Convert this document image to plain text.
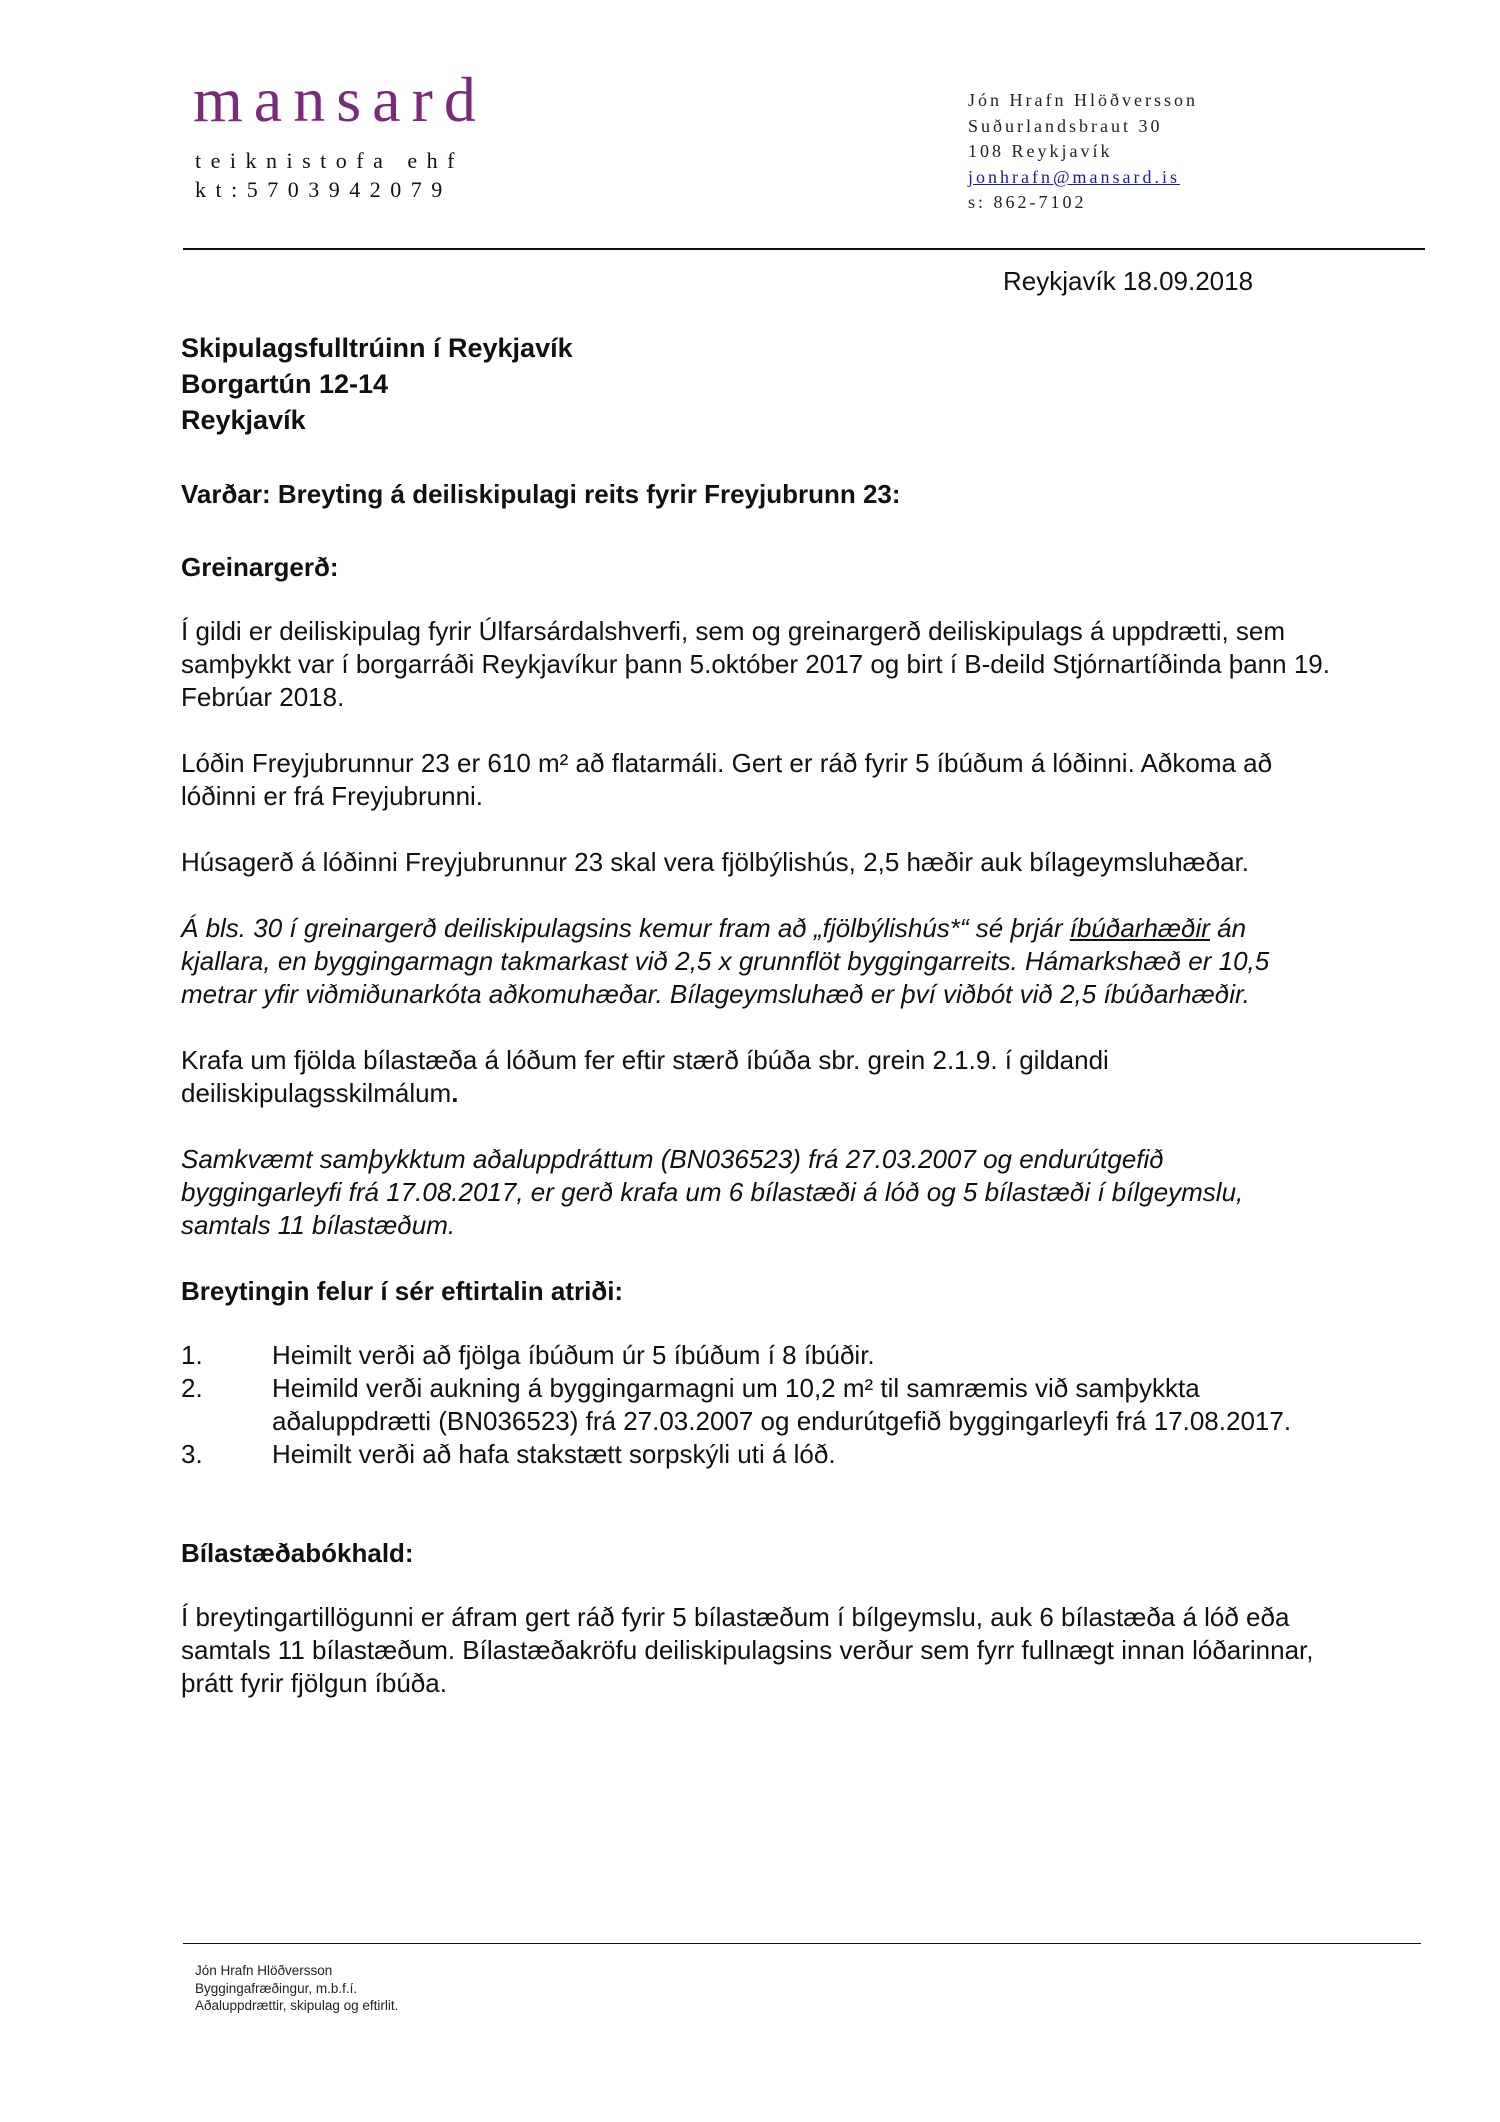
mansard
teiknistofa ehf
kt:5703942079
Jón Hrafn Hlöðversson
Suðurlandsbraut 30
108 Reykjavík
jonhrafn@mansard.is
s: 862-7102
Reykjavík 18.09.2018

Skipulagsfulltrúinn í Reykjavík
Borgartún 12-14
Reykjavík

Varðar: Breyting á deiliskipulagi reits fyrir Freyjubrunn 23:

Greinargerð:

Í gildi er deiliskipulag fyrir Úlfarsárdalshverfi, sem og greinargerð deiliskipulags á uppdrætti, sem samþykkt var í borgarráði Reykjavíkur þann 5.október 2017 og birt í B-deild Stjórnartíðinda þann 19. Febrúar 2018.

Lóðin Freyjubrunnur 23 er 610 m² að flatarmáli. Gert er ráð fyrir 5 íbúðum á lóðinni. Aðkoma að lóðinni er frá Freyjubrunni.

Húsagerð á lóðinni Freyjubrunnur 23 skal vera fjölbýlishús, 2,5 hæðir auk bílageymsluhæðar.

Á bls. 30 í greinargerð deiliskipulagsins kemur fram að „fjölbýlishús*“ sé þrjár íbúðarhæðir án kjallara, en byggingarmagn takmarkast við 2,5 x grunnflöt byggingarreits. Hámarkshæð er 10,5 metrar yfir viðmiðunarkóta aðkomuhæðar. Bílageymsluhæð er því viðbót við 2,5 íbúðarhæðir.

Krafa um fjölda bílastæða á lóðum fer eftir stærð íbúða sbr. grein 2.1.9. í gildandi deiliskipulagsskilmálum.

Samkvæmt samþykktum aðaluppdráttum (BN036523) frá 27.03.2007 og endurútgefið byggingarleyfi frá 17.08.2017, er gerð krafa um 6 bílastæði á lóð og 5 bílastæði í bílgeymslu, samtals 11 bílastæðum.

Breytingin felur í sér eftirtalin atriði:

1.	Heimilt verði að fjölga íbúðum úr 5 íbúðum í 8 íbúðir.
2.	Heimild verði aukning á byggingarmagni um 10,2 m² til samræmis við samþykkta aðaluppdrætti (BN036523) frá 27.03.2007 og endurútgefið byggingarleyfi frá 17.08.2017.
3.	Heimilt verði að hafa stakstætt sorpskýli uti á lóð.

Bílastæðabókhald:

Í breytingartillögunni er áfram gert ráð fyrir 5 bílastæðum í bílgeymslu, auk 6 bílastæða á lóð eða samtals 11 bílastæðum. Bílastæðakröfu deiliskipulagsins verður sem fyrr fullnægt innan lóðarinnar, þrátt fyrir fjölgun íbúða.

Jón Hrafn Hlöðversson
Byggingafræðingur, m.b.f.í.
Aðaluppdrættir, skipulag og eftirlit.
